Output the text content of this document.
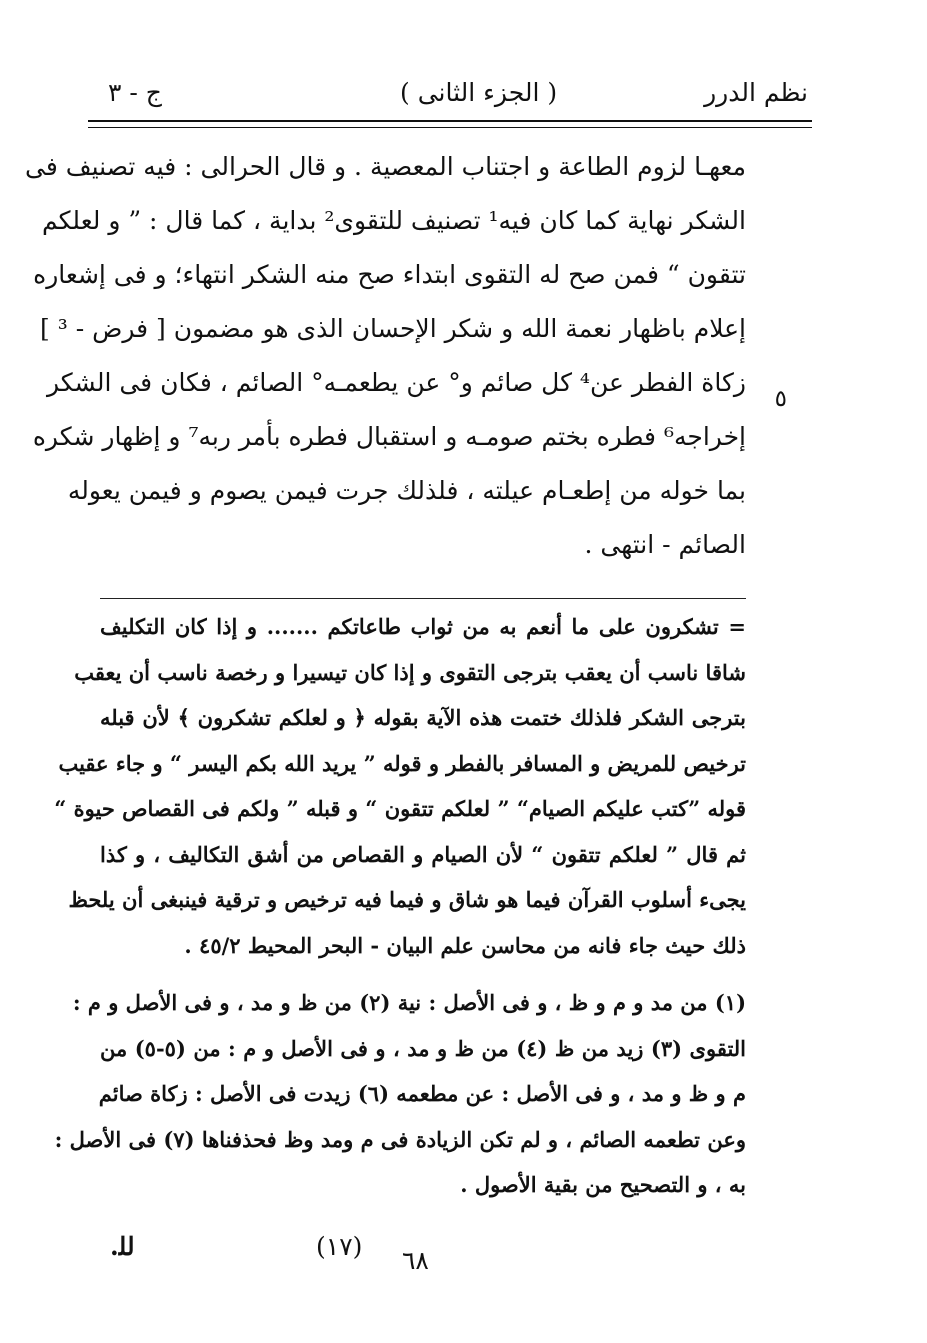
نظم الدرر
( الجزء الثانى )
ج - ٣
معهـا لزوم الطاعة و اجتناب المعصية . و قال الحرالى : فيه تصنيف فى
الشكر نهاية كما كان فيه¹ تصنيف للتقوى² بداية ، كما قال : ” و لعلكم
تتقون “ فمن صح له التقوى ابتداء صح منه الشكر انتهاء؛ و فى إشعاره
إعلام باظهار نعمة الله و شكر الإحسان الذى هو مضمون [ فرض - ³ ]
زكاة الفطر عن⁴ كل صائم و° عن يطعمـه° الصائم ، فكان فى الشكر
إخراجه⁶ فطره بختم صومـه و استقبال فطره بأمر ربه⁷ و إظهار شكره
بما خوله من إطعـام عيلته ، فلذلك جرت فيمن يصوم و فيمن يعوله
الصائم - انتهى .
٥
= تشكرون على ما أنعم به من ثواب طاعاتكم ....... و إذا كان التكليف
شاقا ناسب أن يعقب بترجى التقوى و إذا كان تيسيرا و رخصة ناسب أن يعقب
بترجى الشكر فلذلك ختمت هذه الآية بقوله ﴿ و لعلكم تشكرون ﴾ لأن قبله
ترخيص للمريض و المسافر بالفطر و قوله ” يريد الله بكم اليسر “ و جاء عقيب
قوله ”كتب عليكم الصيام“ ” لعلكم تتقون “ و قبله ” ولكم فى القصاص حيوة “
ثم قال ” لعلكم تتقون “ لأن الصيام و القصاص من أشق التكاليف ، و كذا
يجىء أسلوب القرآن فيما هو شاق و فيما فيه ترخيص و ترقية فينبغى أن يلحظ
ذلك حيث جاء فانه من محاسن علم البيان - البحر المحيط ٤٥/٢ .
(١) من مد و م و ظ ، و فى الأصل : نية (٢) من ظ و مد ، و فى الأصل و م :
التقوى (٣) زيد من ظ (٤) من ظ و مد ، و فى الأصل و م : من (٥-٥) من
م و ظ و مد ، و فى الأصل : عن مطعمه (٦) زيدت فى الأصل : زكاة صائم
وعن تطعمه الصائم ، و لم تكن الزيادة فى م ومد وظ فحذفناها (٧) فى الأصل :
به ، و التصحيح من بقية الأصول .
٦٨
(١٧)
ﻟﻠ.
